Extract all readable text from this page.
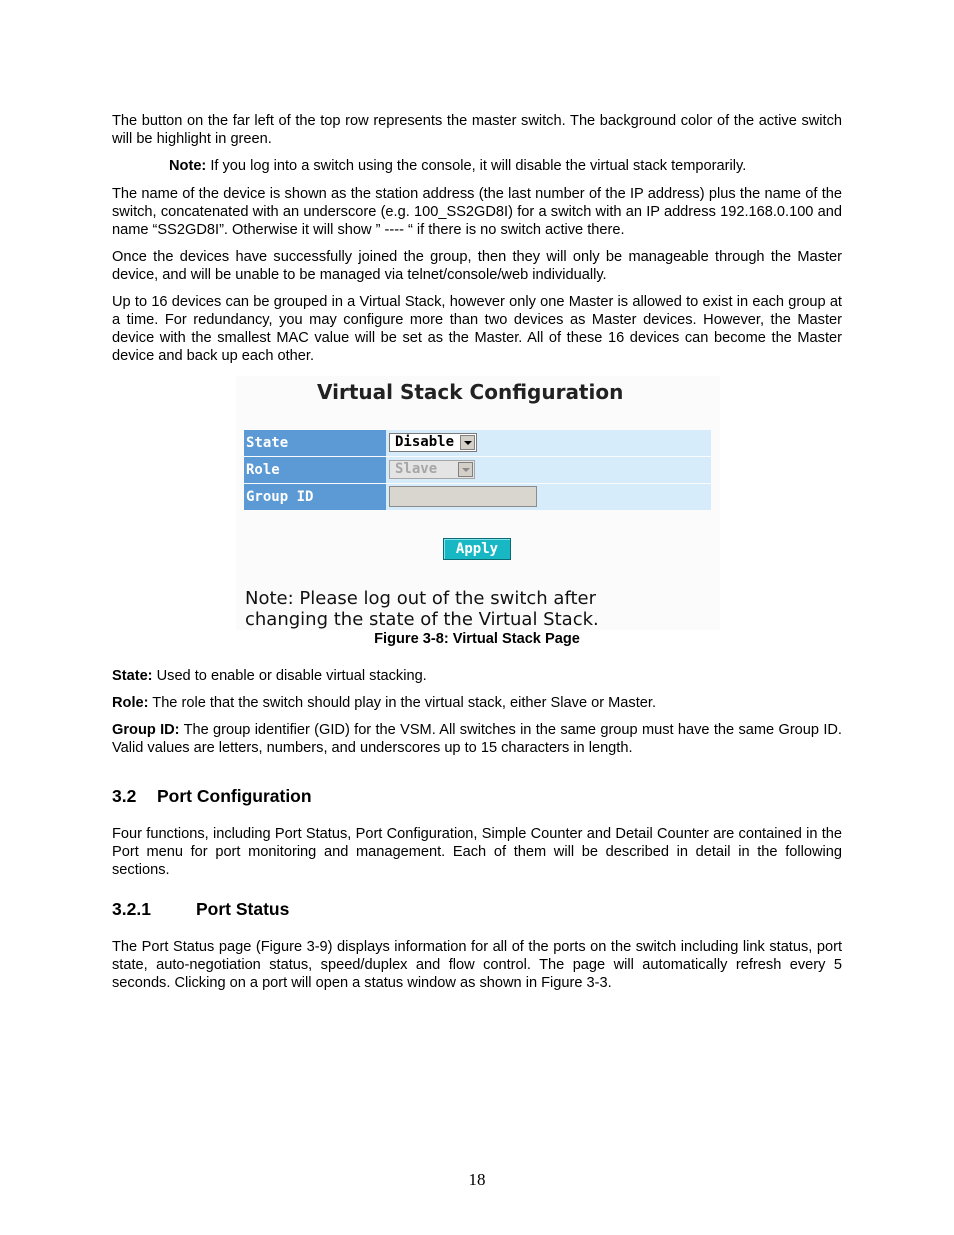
The button on the far left of the top row represents the master switch. The background color of the active switch will be highlight in green.

Note: If you log into a switch using the console, it will disable the virtual stack temporarily.

The name of the device is shown as the station address (the last number of the IP address) plus the name of the switch, concatenated with an underscore (e.g. 100_SS2GD8I) for a switch with an IP address 192.168.0.100 and name “SS2GD8I”. Otherwise it will show ” ---- “ if there is no switch active there.

Once the devices have successfully joined the group, then they will only be manageable through the Master device, and will be unable to be managed via telnet/console/web individually.

Up to 16 devices can be grouped in a Virtual Stack, however only one Master is allowed to exist in each group at a time. For redundancy, you may configure more than two devices as Master devices. However, the Master device with the smallest MAC value will be set as the Master. All of these 16 devices can become the Master device and back up each other.

Virtual Stack Configuration
State	Disable
Role	Slave
Group ID
Apply
Note: Please log out of the switch after
changing the state of the Virtual Stack.
Figure 3-8: Virtual Stack Page

State: Used to enable or disable virtual stacking.

Role: The role that the switch should play in the virtual stack, either Slave or Master.

Group ID: The group identifier (GID) for the VSM. All switches in the same group must have the same Group ID. Valid values are letters, numbers, and underscores up to 15 characters in length.

3.2 Port Configuration

Four functions, including Port Status, Port Configuration, Simple Counter and Detail Counter are contained in the Port menu for port monitoring and management. Each of them will be described in detail in the following sections.

3.2.1	Port Status

The Port Status page (Figure 3-9) displays information for all of the ports on the switch including link status, port state, auto-negotiation status, speed/duplex and flow control. The page will automatically refresh every 5 seconds. Clicking on a port will open a status window as shown in Figure 3-3.

18
